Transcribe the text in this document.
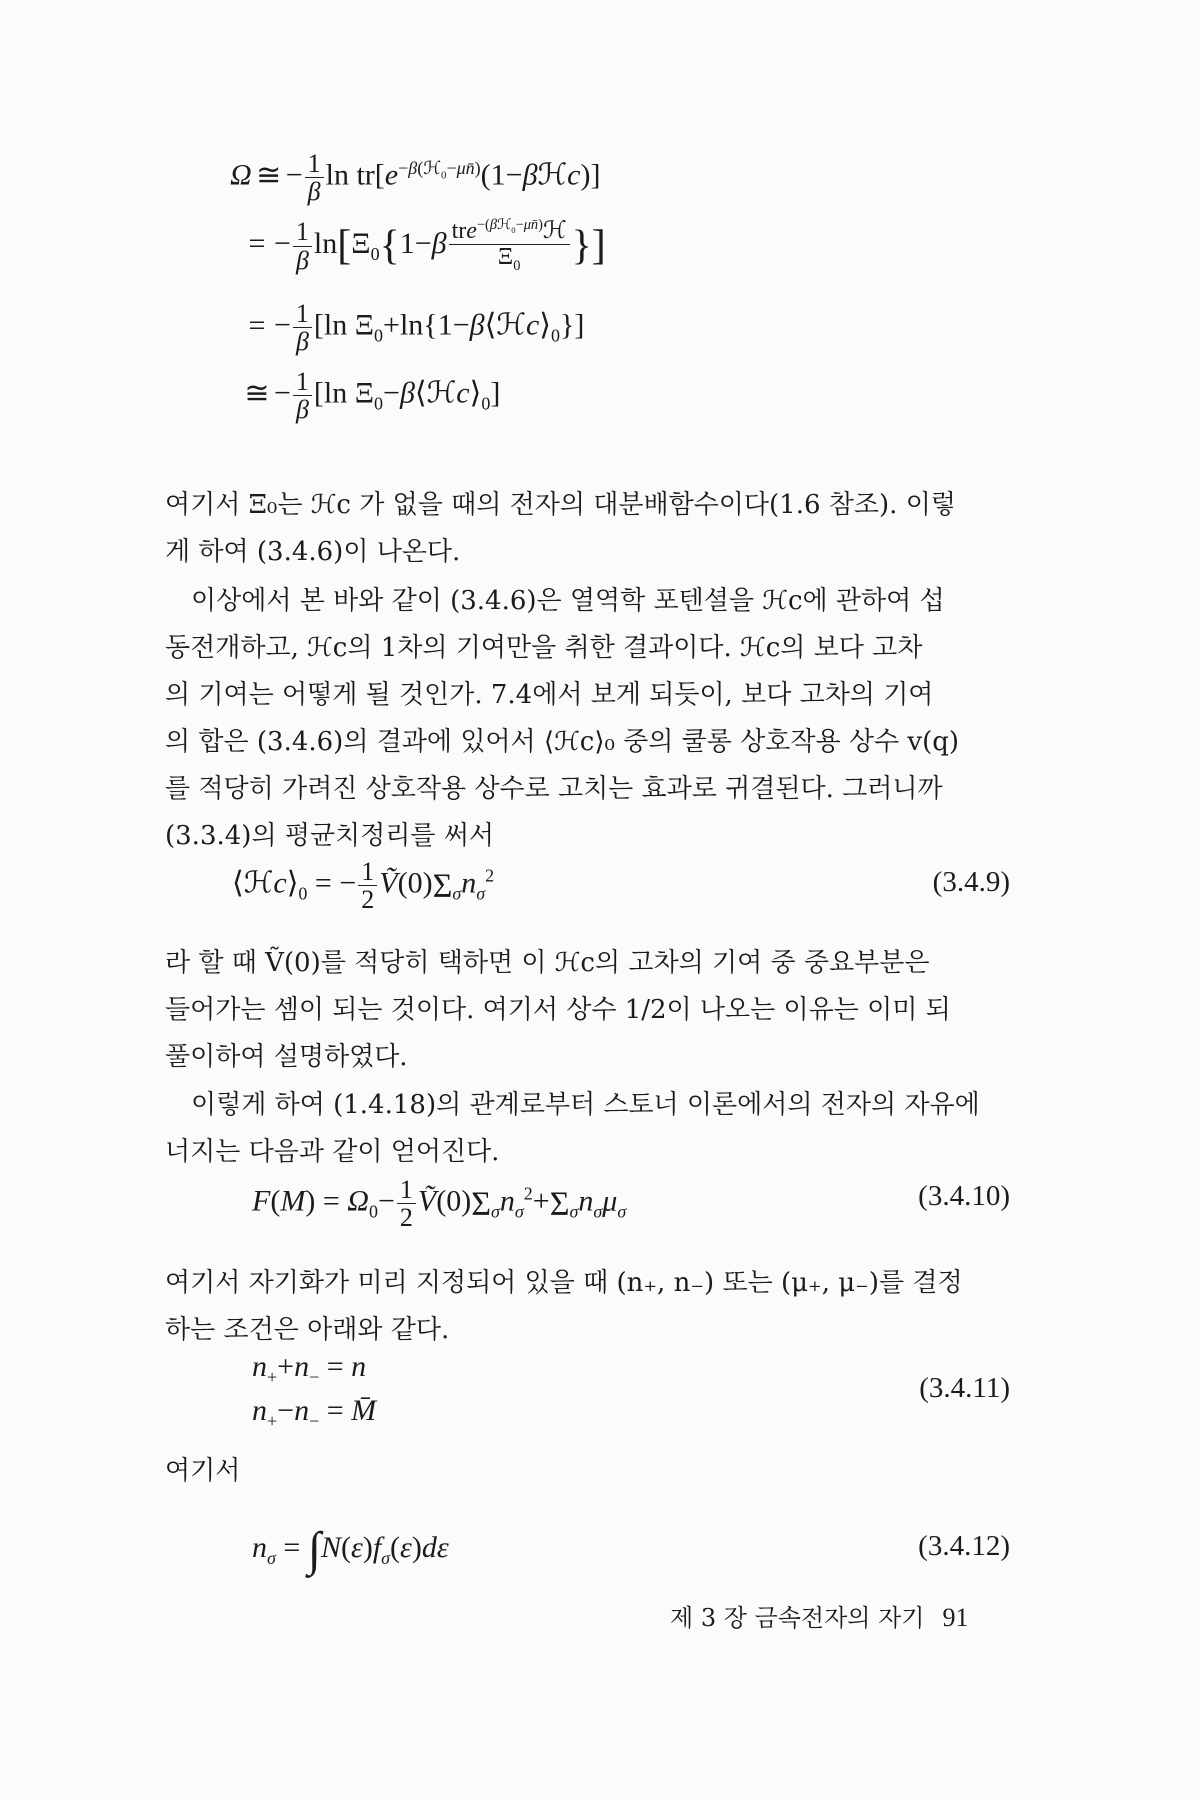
Ω ≅ − $\frac{1}{\beta}$ $\ln tr[e^{-\beta(ℋ_0-\mu n̄)}(1-\beta ℋc)]$
= − $\frac{1}{\beta} \ln[\Xi_0\{1-\beta \frac{tre^{-(\beta ℋ_0-\mu n̄)}ℋ}{\Xi_0}$ }]
= − $\frac{1}{\beta} [\ln$ $\Xi_0+\ln\{1-\beta⟨ℋc⟩_0\}$]
≅ − $\frac{1}{\beta} [\ln$ $\Xi_0-\beta⟨ℋc⟩_0$]
여기서 Ξ₀는 ℋc 가 없을 때의 전자의 대분배함수이다(1.6 참조). 이렇
게 하여 (3.4.6)이 나온다.
이상에서 본 바와 같이 (3.4.6)은 열역학 포텐셜을 ℋc에 관하여 섭
동전개하고, ℋc의 1차의 기여만을 취한 결과이다. ℋc의 보다 고차
의 기여는 어떻게 될 것인가. 7.4에서 보게 되듯이, 보다 고차의 기여
의 합은 (3.4.6)의 결과에 있어서 ⟨ℋc⟩₀ 중의 쿨롱 상호작용 상수 v(q)
를 적당히 가려진 상호작용 상수로 고치는 효과로 귀결된다. 그러니까
(3.3.4)의 평균치정리를 써서
$⟨ℋc⟩_0$ = − $\frac{1}{2}$ $Ṽ(0)\Sigma_\sigma n_\sigma^2$	(3.4.9)
라 할 때 Ṽ(0)를 적당히 택하면 이 ℋc의 고차의 기여 중 중요부분은
들어가는 셈이 되는 것이다. 여기서 상수 1/2이 나오는 이유는 이미 되
풀이하여 설명하였다.
이렇게 하여 (1.4.18)의 관계로부터 스토너 이론에서의 전자의 자유에
너지는 다음과 같이 얻어진다.
$F(M) = \Omega_0- \frac{1}{2}$ $Ṽ(0)\Sigma_\sigma n_\sigma^2+\Sigma_\sigma n_\sigma\mu_\sigma$	(3.4.10)
여기서 자기화가 미리 지정되어 있을 때 (n₊, n₋) 또는 (μ₊, μ₋)를 결정
하는 조건은 아래와 같다.
$n_++n_- = n$
$n_+-n_-$ = M̄
(3.4.11)
여기서
$n_\sigma = \int N(\varepsilon)f_\sigma(\varepsilon)d\varepsilon$	(3.4.12)
제 3 장 금속전자의 자기 91
